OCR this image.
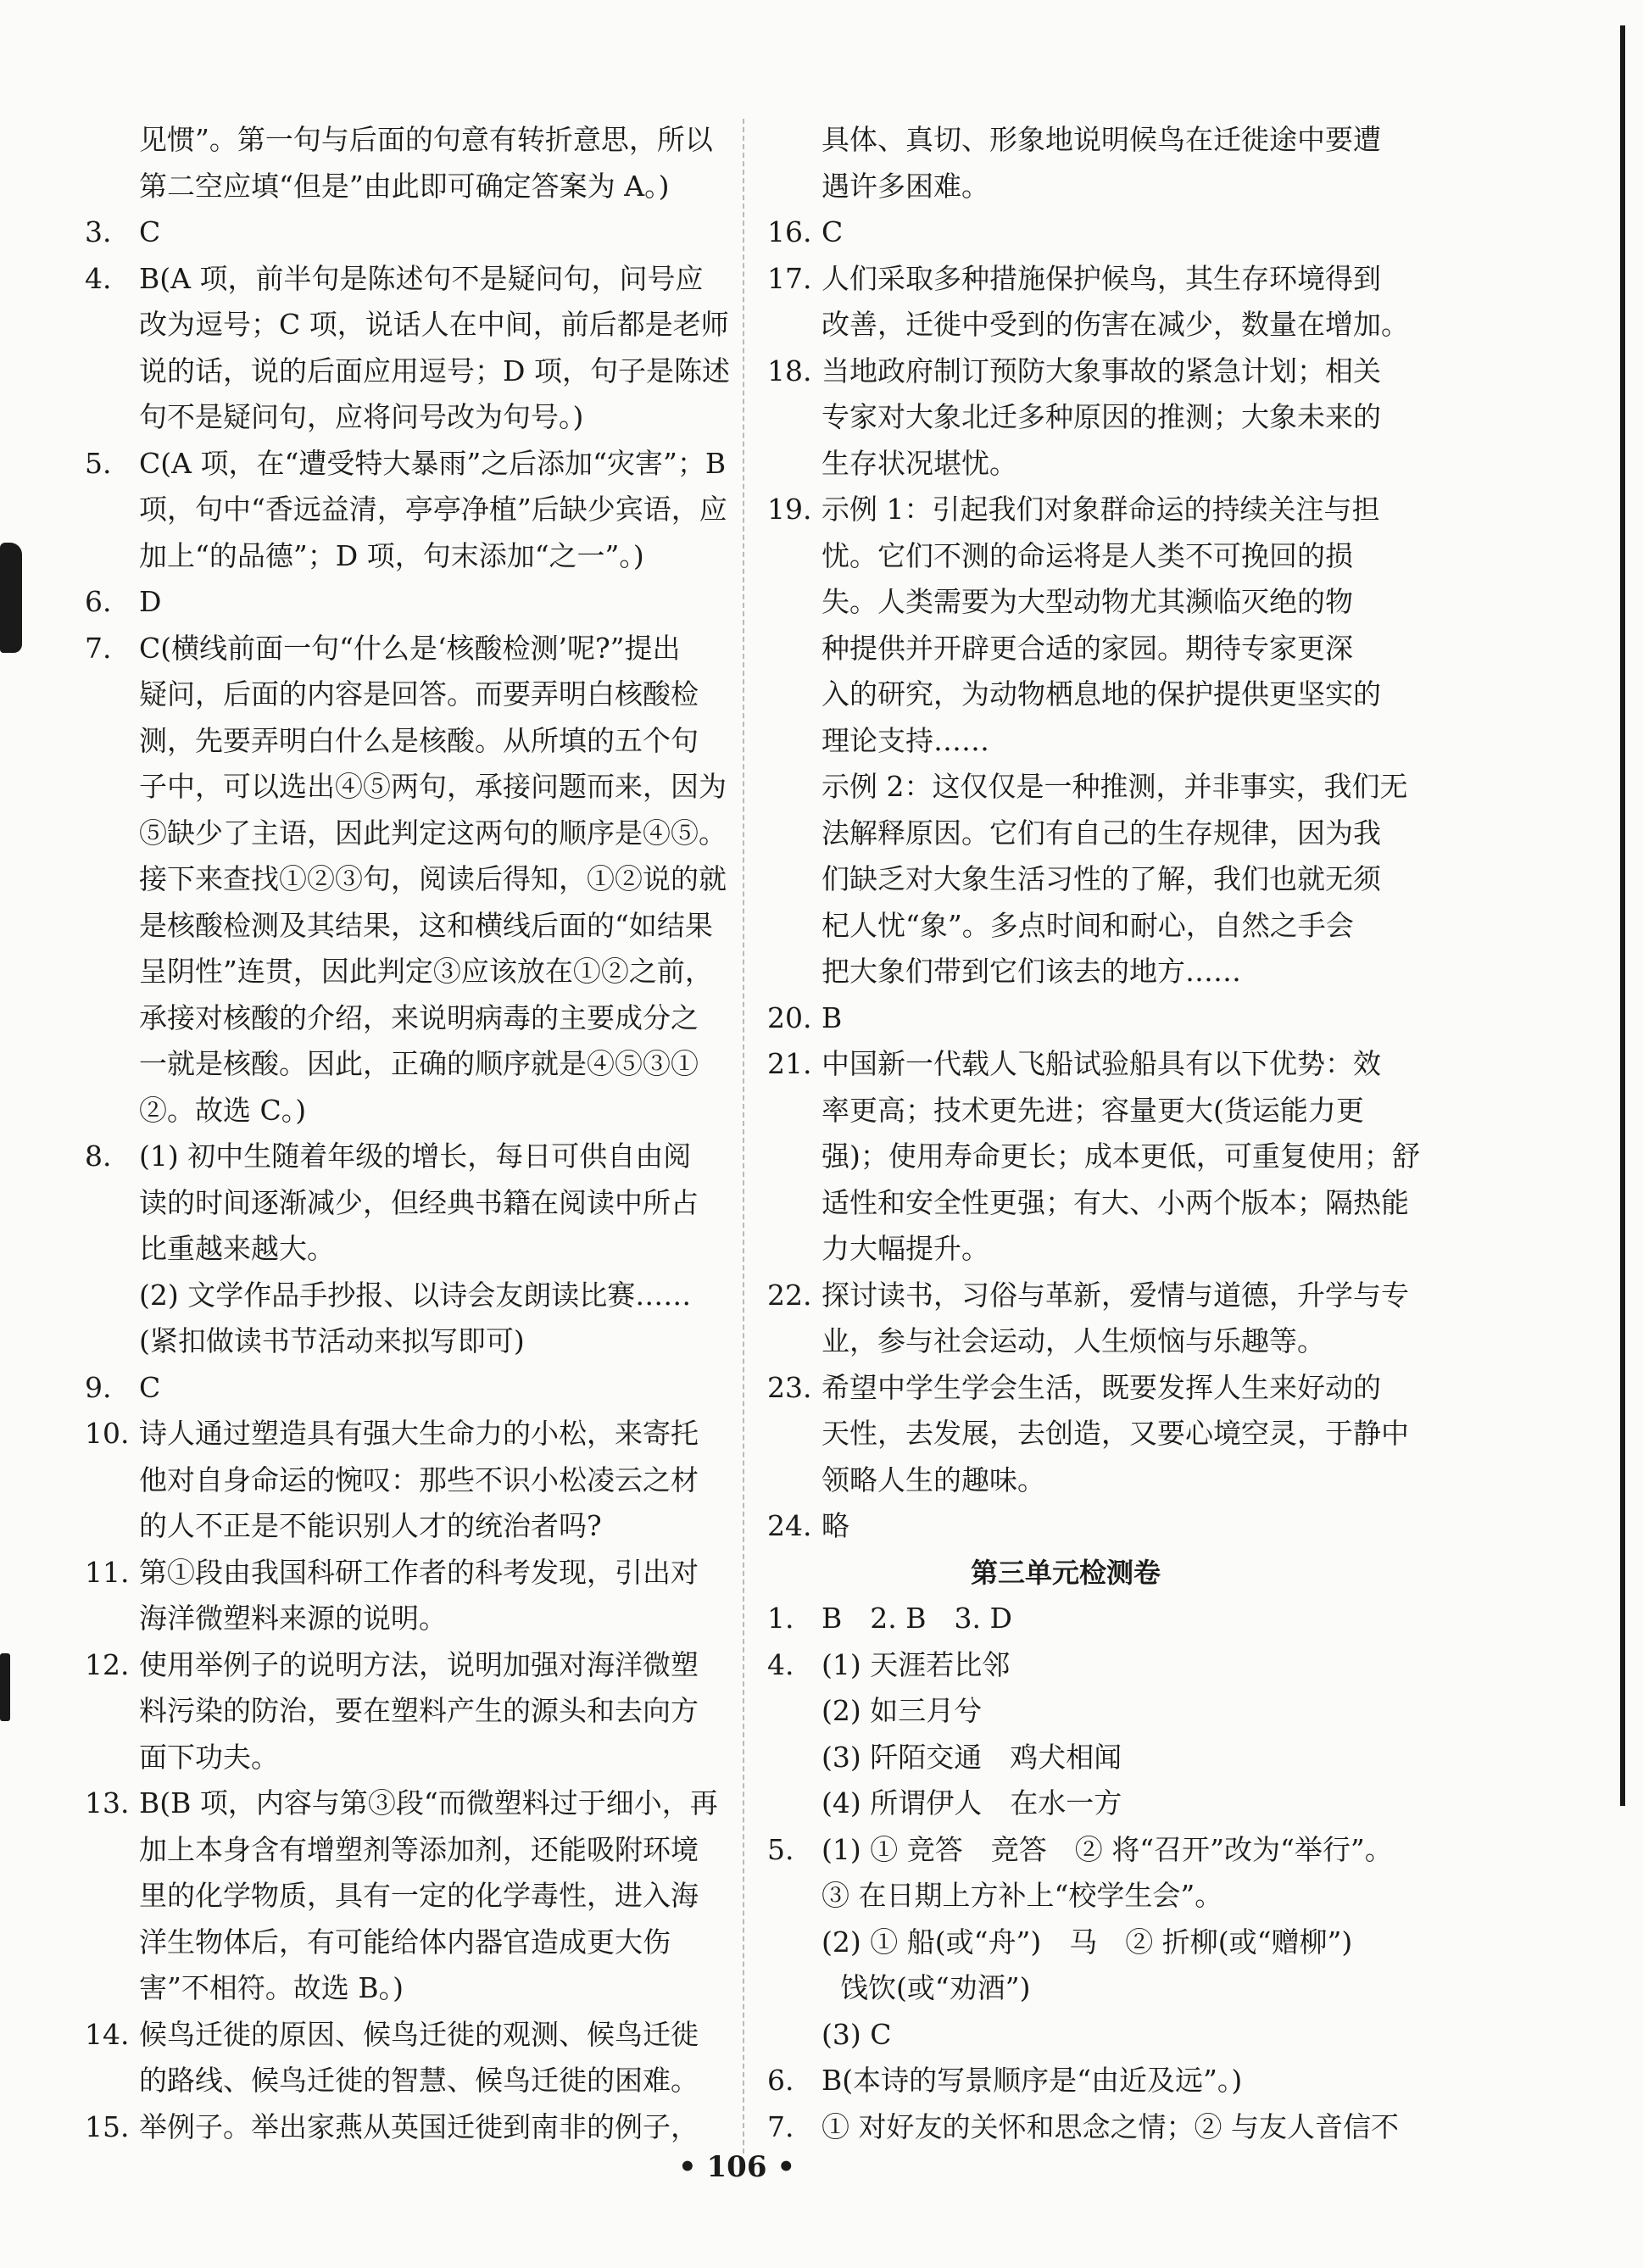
见惯”。第一句与后面的句意有转折意思，所以
第二空应填“但是”由此即可确定答案为 A。)
3. C
4. B(A 项，前半句是陈述句不是疑问句，问号应
改为逗号；C 项，说话人在中间，前后都是老师
说的话，说的后面应用逗号；D 项，句子是陈述
句不是疑问句，应将问号改为句号。)
5. C(A 项，在“遭受特大暴雨”之后添加“灾害”；B
项，句中“香远益清，亭亭净植”后缺少宾语，应
加上“的品德”；D 项，句末添加“之一”。)
6. D
7. C(横线前面一句“什么是‘核酸检测’呢?”提出
疑问，后面的内容是回答。而要弄明白核酸检
测，先要弄明白什么是核酸。从所填的五个句
子中，可以选出④⑤两句，承接问题而来，因为
⑤缺少了主语，因此判定这两句的顺序是④⑤。
接下来查找①②③句，阅读后得知，①②说的就
是核酸检测及其结果，这和横线后面的“如结果
呈阴性”连贯，因此判定③应该放在①②之前，
承接对核酸的介绍，来说明病毒的主要成分之
一就是核酸。因此，正确的顺序就是④⑤③①
②。故选 C。)
8. (1) 初中生随着年级的增长，每日可供自由阅
读的时间逐渐减少，但经典书籍在阅读中所占
比重越来越大。
(2) 文学作品手抄报、以诗会友朗读比赛……
(紧扣做读书节活动来拟写即可)
9. C
10. 诗人通过塑造具有强大生命力的小松，来寄托
他对自身命运的惋叹：那些不识小松凌云之材
的人不正是不能识别人才的统治者吗?
11. 第①段由我国科研工作者的科考发现，引出对
海洋微塑料来源的说明。
12. 使用举例子的说明方法，说明加强对海洋微塑
料污染的防治，要在塑料产生的源头和去向方
面下功夫。
13. B(B 项，内容与第③段“而微塑料过于细小，再
加上本身含有增塑剂等添加剂，还能吸附环境
里的化学物质，具有一定的化学毒性，进入海
洋生物体后，有可能给体内器官造成更大伤
害”不相符。故选 B。)
14. 候鸟迁徙的原因、候鸟迁徙的观测、候鸟迁徙
的路线、候鸟迁徙的智慧、候鸟迁徙的困难。
15. 举例子。举出家燕从英国迁徙到南非的例子，
具体、真切、形象地说明候鸟在迁徙途中要遭
遇许多困难。
16. C
17. 人们采取多种措施保护候鸟，其生存环境得到
改善，迁徙中受到的伤害在减少，数量在增加。
18. 当地政府制订预防大象事故的紧急计划；相关
专家对大象北迁多种原因的推测；大象未来的
生存状况堪忧。
19. 示例 1：引起我们对象群命运的持续关注与担
忧。它们不测的命运将是人类不可挽回的损
失。人类需要为大型动物尤其濒临灭绝的物
种提供并开辟更合适的家园。期待专家更深
入的研究，为动物栖息地的保护提供更坚实的
理论支持……
示例 2：这仅仅是一种推测，并非事实，我们无
法解释原因。它们有自己的生存规律，因为我
们缺乏对大象生活习性的了解，我们也就无须
杞人忧“象”。多点时间和耐心，自然之手会
把大象们带到它们该去的地方……
20. B
21. 中国新一代载人飞船试验船具有以下优势：效
率更高；技术更先进；容量更大(货运能力更
强)；使用寿命更长；成本更低，可重复使用；舒
适性和安全性更强；有大、小两个版本；隔热能
力大幅提升。
22. 探讨读书，习俗与革新，爱情与道德，升学与专
业，参与社会运动，人生烦恼与乐趣等。
23. 希望中学生学会生活，既要发挥人生来好动的
天性，去发展，去创造，又要心境空灵，于静中
领略人生的趣味。
24. 略
第三单元检测卷
1. B　2. B　3. D
4. (1) 天涯若比邻
(2) 如三月兮
(3) 阡陌交通　鸡犬相闻
(4) 所谓伊人　在水一方
5. (1) ① 竞答　竞答　② 将“召开”改为“举行”。
③ 在日期上方补上“校学生会”。
(2) ① 船(或“舟”)　马　② 折柳(或“赠柳”)
饯饮(或“劝酒”)
(3) C
6. B(本诗的写景顺序是“由近及远”。)
7. ① 对好友的关怀和思念之情；② 与友人音信不
• 106 •
